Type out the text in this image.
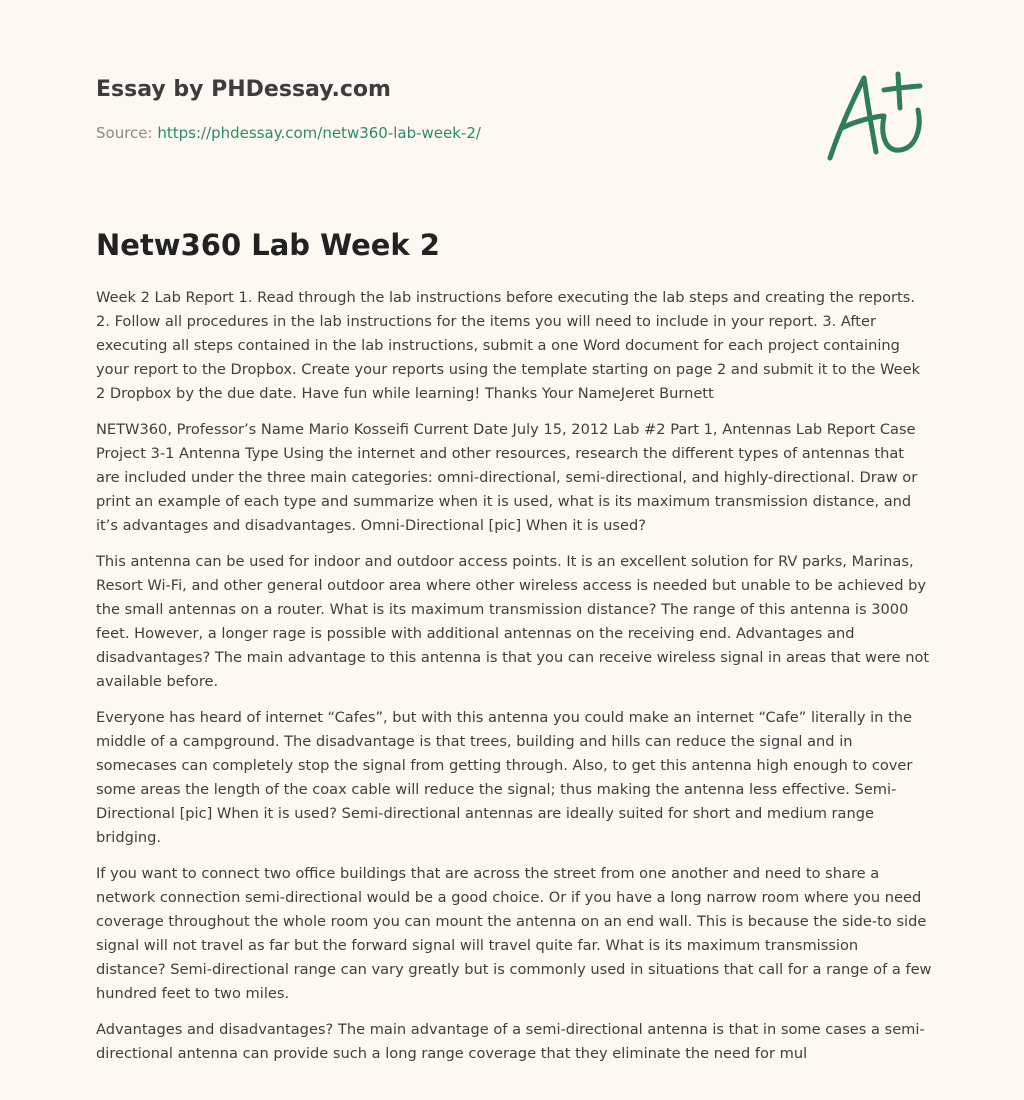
Essay by PHDessay.com
Source: https://phdessay.com/netw360-lab-week-2/
Netw360 Lab Week 2

Week 2 Lab Report 1. Read through the lab instructions before executing the lab steps and creating the reports. 2. Follow all procedures in the lab instructions for the items you will need to include in your report. 3. After executing all steps contained in the lab instructions, submit a one Word document for each project containing your report to the Dropbox. Create your reports using the template starting on page 2 and submit it to the Week 2 Dropbox by the due date. Have fun while learning! Thanks Your NameJeret Burnett

NETW360, Professor’s Name Mario Kosseifi Current Date July 15, 2012 Lab #2 Part 1, Antennas Lab Report Case Project 3-1 Antenna Type Using the internet and other resources, research the different types of antennas that are included under the three main categories: omni-directional, semi-directional, and highly-directional. Draw or print an example of each type and summarize when it is used, what is its maximum transmission distance, and it’s advantages and disadvantages. Omni-Directional [pic] When it is used?

This antenna can be used for indoor and outdoor access points. It is an excellent solution for RV parks, Marinas, Resort Wi-Fi, and other general outdoor area where other wireless access is needed but unable to be achieved by the small antennas on a router. What is its maximum transmission distance? The range of this antenna is 3000 feet. However, a longer rage is possible with additional antennas on the receiving end. Advantages and disadvantages? The main advantage to this antenna is that you can receive wireless signal in areas that were not available before.

Everyone has heard of internet “Cafes”, but with this antenna you could make an internet “Cafe” literally in the middle of a campground. The disadvantage is that trees, building and hills can reduce the signal and in somecases can completely stop the signal from getting through. Also, to get this antenna high enough to cover some areas the length of the coax cable will reduce the signal; thus making the antenna less effective. Semi-Directional [pic] When it is used? Semi-directional antennas are ideally suited for short and medium range bridging.

If you want to connect two office buildings that are across the street from one another and need to share a network connection semi-directional would be a good choice. Or if you have a long narrow room where you need coverage throughout the whole room you can mount the antenna on an end wall. This is because the side-to side signal will not travel as far but the forward signal will travel quite far. What is its maximum transmission distance? Semi-directional range can vary greatly but is commonly used in situations that call for a range of a few hundred feet to two miles.

Advantages and disadvantages? The main advantage of a semi-directional antenna is that in some cases a semi-directional antenna can provide such a long range coverage that they eliminate the need for mul
